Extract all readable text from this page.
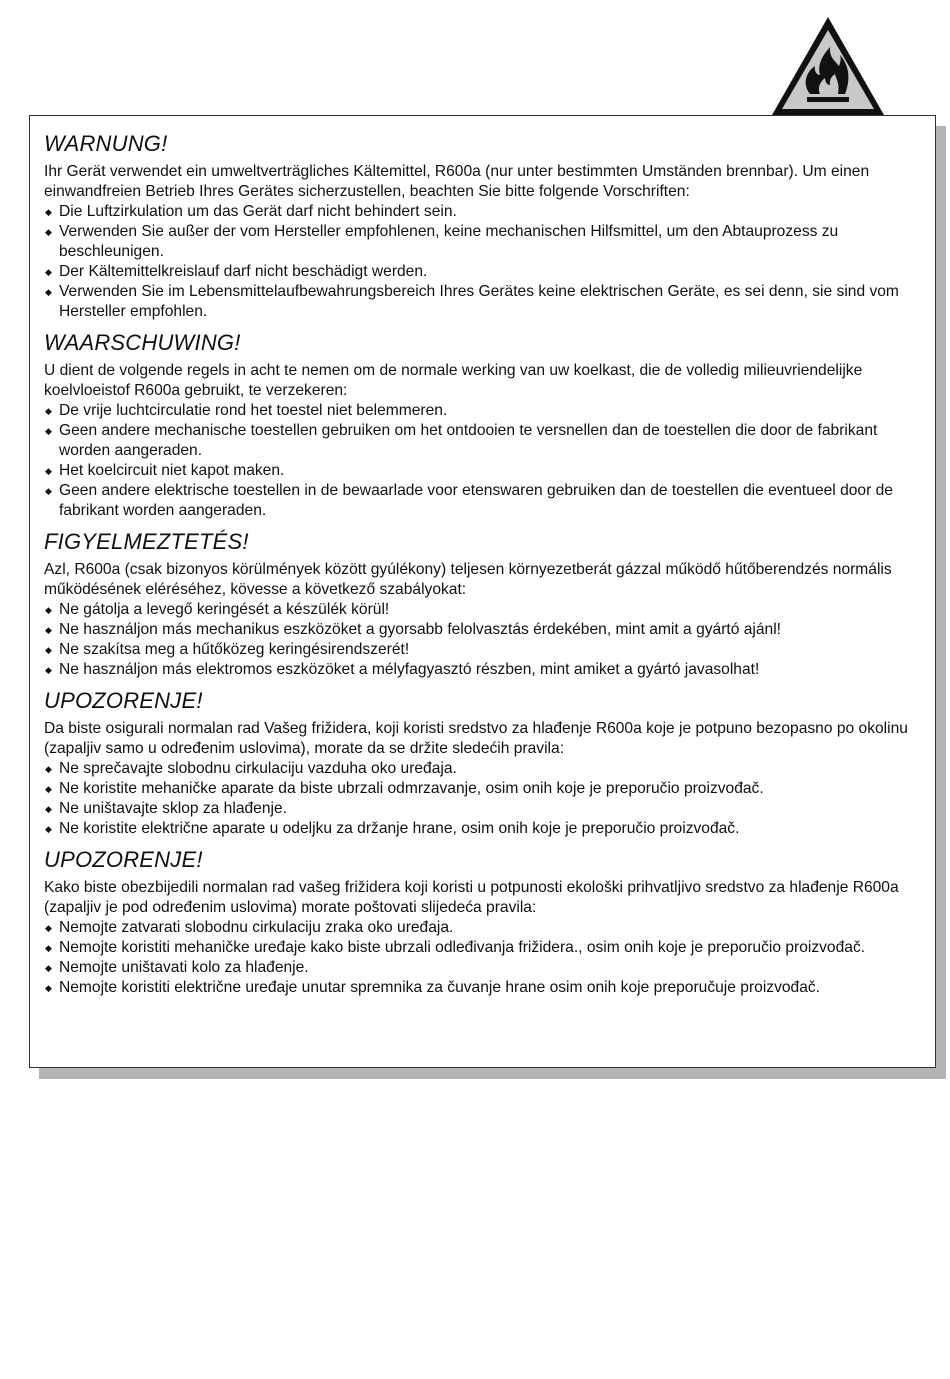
WARNUNG!

Ihr Gerät verwendet ein umweltverträgliches Kältemittel, R600a (nur unter bestimmten Umständen brennbar). Um einen einwandfreien Betrieb Ihres Gerätes sicherzustellen, beachten Sie bitte folgende Vorschriften:

◆ Die Luftzirkulation um das Gerät darf nicht behindert sein.
◆ Verwenden Sie außer der vom Hersteller empfohlenen, keine mechanischen Hilfsmittel, um den Abtauprozess zu beschleunigen.
◆ Der Kältemittelkreislauf darf nicht beschädigt werden.
◆ Verwenden Sie im Lebensmittelaufbewahrungsbereich Ihres Gerätes keine elektrischen Geräte, es sei denn, sie sind vom Hersteller empfohlen.
WAARSCHUWING!

U dient de volgende regels in acht te nemen om de normale werking van uw koelkast, die de volledig milieuvriendelijke koelvloeistof R600a gebruikt, te verzekeren:

◆ De vrije luchtcirculatie rond het toestel niet belemmeren.
◆ Geen andere mechanische toestellen gebruiken om het ontdooien te versnellen dan de toestellen die door de fabrikant worden aangeraden.
◆ Het koelcircuit niet kapot maken.
◆ Geen andere elektrische toestellen in de bewaarlade voor etenswaren gebruiken dan de toestellen die eventueel door de fabrikant worden aangeraden.
FIGYELMEZTETÉS!

Azl, R600a (csak bizonyos körülmények között gyúlékony) teljesen környezetberát gázzal működő hűtőberendzés normális működésének eléréséhez, kövesse a következő szabályokat:

◆ Ne gátolja a levegő keringését a készülék körül!
◆ Ne használjon más mechanikus eszközöket a gyorsabb felolvasztás érdekében, mint amit a gyártó ajánl!
◆ Ne szakítsa meg a hűtőközeg keringésirendszerét!
◆ Ne használjon más elektromos eszközöket a mélyfagyasztó részben, mint amiket a gyártó javasolhat!
UPOZORENJE!

Da biste osigurali normalan rad Vašeg frižidera, koji koristi sredstvo za hlađenje R600a koje je potpuno bezopasno po okolinu (zapaljiv samo u određenim uslovima), morate da se držite sledećih pravila:

◆ Ne sprečavajte slobodnu cirkulaciju vazduha oko uređaja.
◆ Ne koristite mehaničke aparate da biste ubrzali odmrzavanje, osim onih koje je preporučio proizvođač.
◆ Ne uništavajte sklop za hlađenje.
◆ Ne koristite električne aparate u odeljku za držanje hrane, osim onih koje je preporučio proizvođač.
UPOZORENJE!

Kako biste obezbijedili normalan rad vašeg frižidera koji koristi u potpunosti ekološki prihvatljivo sredstvo za hlađenje R600a (zapaljiv je pod određenim uslovima) morate poštovati slijedeća pravila:

◆ Nemojte zatvarati slobodnu cirkulaciju zraka oko uređaja.
◆ Nemojte koristiti mehaničke uređaje kako biste ubrzali odleđivanja frižidera., osim onih koje je preporučio proizvođač.
◆ Nemojte uništavati kolo za hlađenje.
◆ Nemojte koristiti električne uređaje unutar spremnika za čuvanje hrane osim onih koje preporučuje proizvođač.
